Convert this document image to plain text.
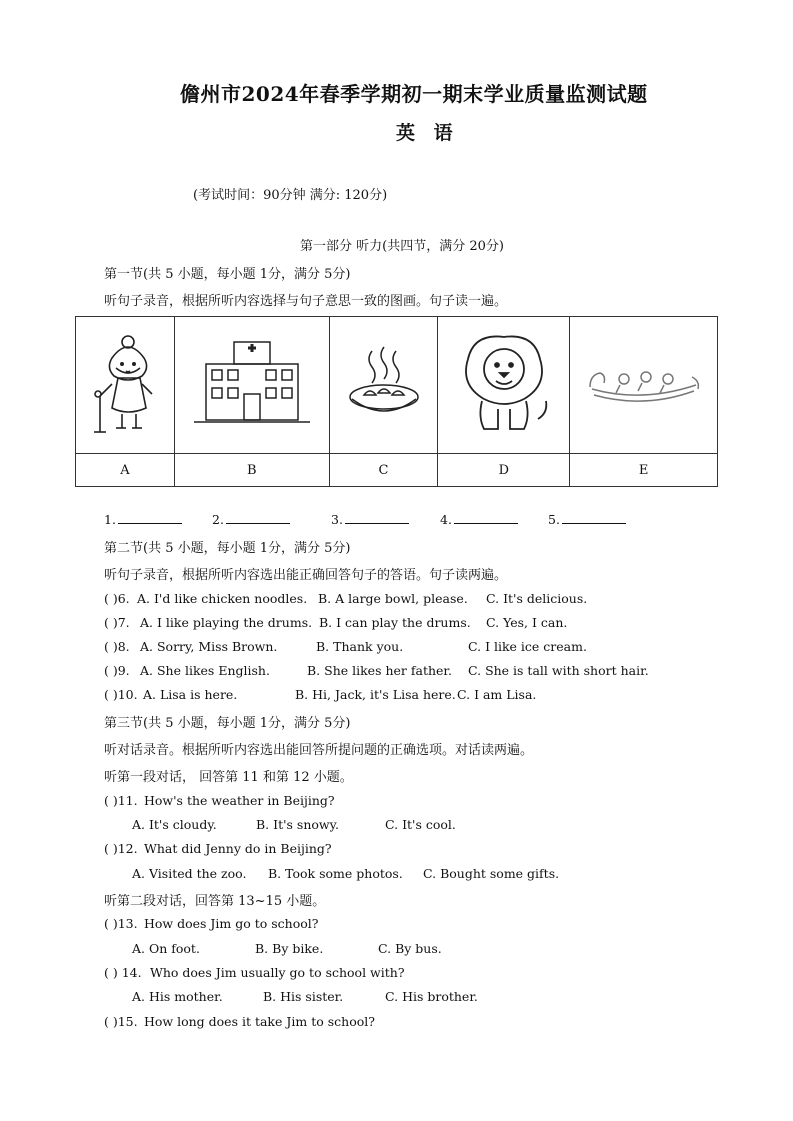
儋州市2024年春季学期初一期末学业质量监测试题
英 语
(考试时间：90分钟 满分: 120分)
第一部分 听力(共四节，满分 20分)
第一节(共 5 小题，每小题 1分，满分 5分)
听句子录音，根据所听内容选择与句子意思一致的图画。句子读一遍。

A	B	C	D	E
1.	2.	3.	4.	5.
第二节(共 5 小题，每小题 1分，满分 5分)
听句子录音，根据所听内容选出能正确回答句子的答语。句子读两遍。
( )6. A. I'd like chicken noodles. B. A large bowl, please. C. It's delicious.
( )7. A. I like playing the drums. B. I can play the drums. C. Yes, I can.
( )8. A. Sorry, Miss Brown.	B. Thank you.	C. I like ice cream.
( )9. A. She likes English.	B. She likes her father. C. She is tall with short hair.
( )10. A. Lisa is here.	B. Hi, Jack, it's Lisa here. C. I am Lisa.
第三节(共 5 小题，每小题 1分，满分 5分)
听对话录音。根据所听内容选出能回答所提问题的正确选项。对话读两遍。
听第一段对话， 回答第 11 和第 12 小题。
( )11. How's the weather in Beijing?
A. It's cloudy.	B. It's snowy.	C. It's cool.
( )12. What did Jenny do in Beijing?
A. Visited the zoo. B. Took some photos. C. Bought some gifts.
听第二段对话，回答第 13~15 小题。
( )13. How does Jim go to school?
A. On foot.	B. By bike.	C. By bus.
( ) 14. Who does Jim usually go to school with?
A. His mother.	B. His sister.	C. His brother.
( )15. How long does it take Jim to school?
